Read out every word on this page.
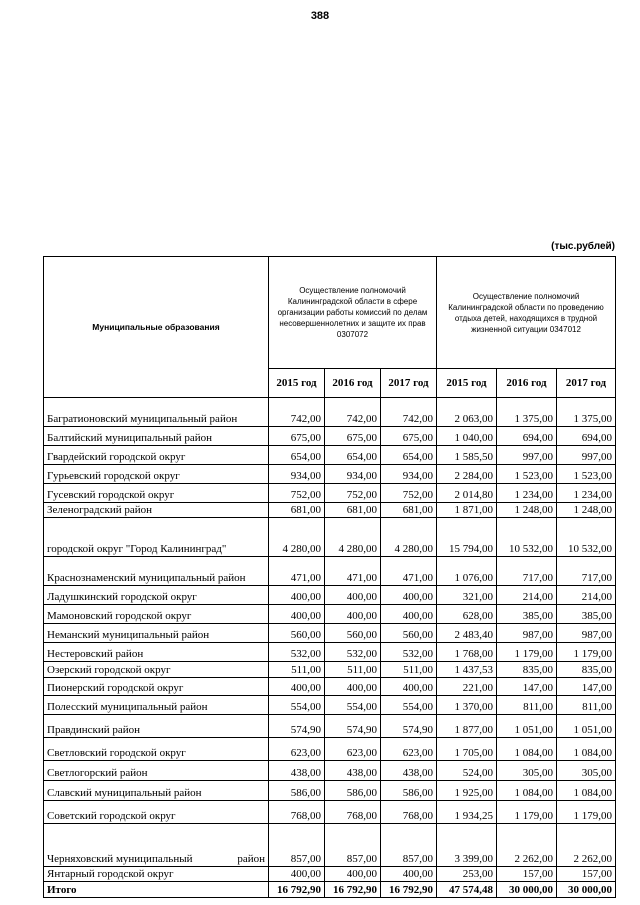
388
(тыс.рублей)
Муниципальные образования	Осуществление полномочий Калининградской области в сфере организации работы комиссий по делам несовершеннолетних и защите их прав 0307072			Осуществление полномочий Калининградской области по проведению отдыха детей, находящихся в трудной жизненной ситуации 0347012		
	2015 год	2016 год	2017 год	2015 год	2016 год	2017 год
Багратионовский муниципальный район	742,00	742,00	742,00	2 063,00	1 375,00	1 375,00
Балтийский муниципальный район	675,00	675,00	675,00	1 040,00	694,00	694,00
Гвардейский городской округ	654,00	654,00	654,00	1 585,50	997,00	997,00
Гурьевский городской округ	934,00	934,00	934,00	2 284,00	1 523,00	1 523,00
Гусевский городской округ	752,00	752,00	752,00	2 014,80	1 234,00	1 234,00
Зеленоградский район	681,00	681,00	681,00	1 871,00	1 248,00	1 248,00
городской округ "Город Калининград"	4 280,00	4 280,00	4 280,00	15 794,00	10 532,00	10 532,00
Краснознаменский муниципальный район	471,00	471,00	471,00	1 076,00	717,00	717,00
Ладушкинский городской округ	400,00	400,00	400,00	321,00	214,00	214,00
Мамоновский городской округ	400,00	400,00	400,00	628,00	385,00	385,00
Неманский муниципальный район	560,00	560,00	560,00	2 483,40	987,00	987,00
Нестеровский район	532,00	532,00	532,00	1 768,00	1 179,00	1 179,00
Озерский городской округ	511,00	511,00	511,00	1 437,53	835,00	835,00
Пионерский городской округ	400,00	400,00	400,00	221,00	147,00	147,00
Полесский муниципальный район	554,00	554,00	554,00	1 370,00	811,00	811,00
Правдинский район	574,90	574,90	574,90	1 877,00	1 051,00	1 051,00
Светловский городской округ	623,00	623,00	623,00	1 705,00	1 084,00	1 084,00
Светлогорский район	438,00	438,00	438,00	524,00	305,00	305,00
Славский муниципальный район	586,00	586,00	586,00	1 925,00	1 084,00	1 084,00
Советский городской округ	768,00	768,00	768,00	1 934,25	1 179,00	1 179,00

Черняховский муниципальный район	857,00	857,00	857,00	3 399,00	2 262,00	2 262,00
Янтарный городской округ	400,00	400,00	400,00	253,00	157,00	157,00
Итого	16 792,90	16 792,90	16 792,90	47 574,48	30 000,00	30 000,00
